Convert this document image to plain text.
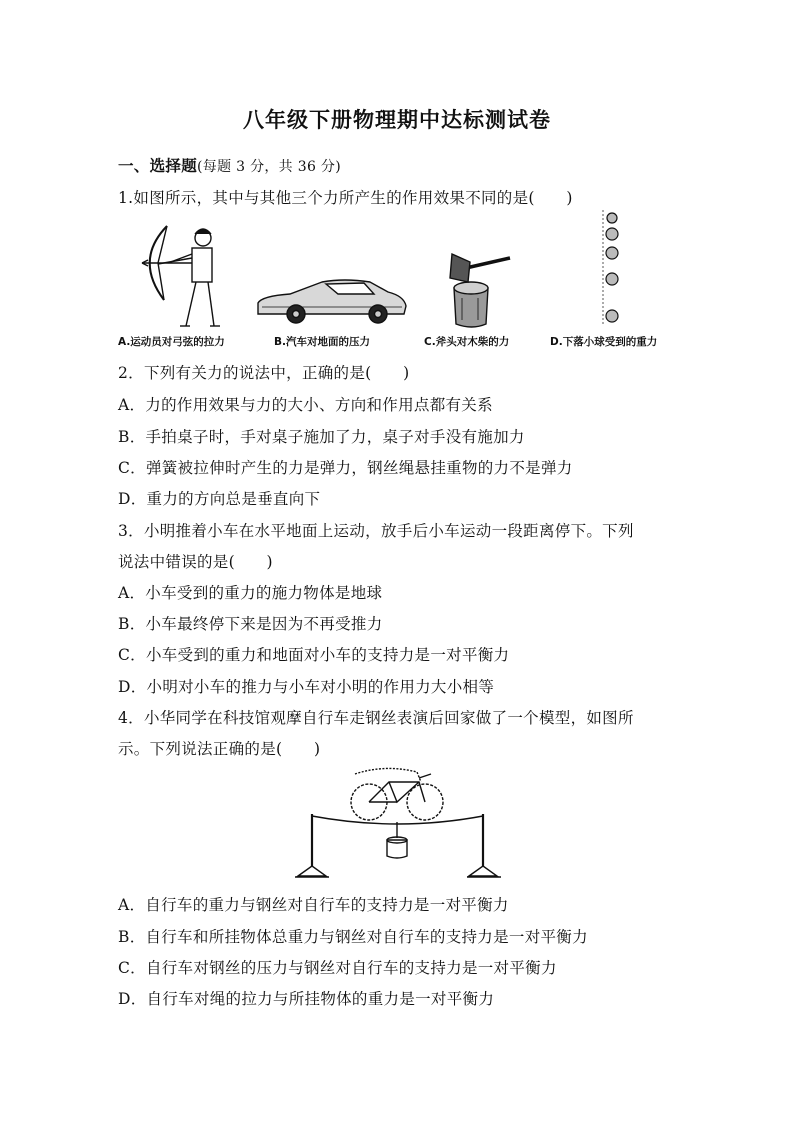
八年级下册物理期中达标测试卷
一、选择题(每题 3 分，共 36 分)
1.如图所示，其中与其他三个力所产生的作用效果不同的是(　　)
A.运动员对弓弦的拉力	B.汽车对地面的压力	C.斧头对木柴的力	D.下落小球受到的重力
2．下列有关力的说法中，正确的是(　　)
A．力的作用效果与力的大小、方向和作用点都有关系
B．手拍桌子时，手对桌子施加了力，桌子对手没有施加力
C．弹簧被拉伸时产生的力是弹力，钢丝绳悬挂重物的力不是弹力
D．重力的方向总是垂直向下
3．小明推着小车在水平地面上运动，放手后小车运动一段距离停下。下列
说法中错误的是(　　)
A．小车受到的重力的施力物体是地球
B．小车最终停下来是因为不再受推力
C．小车受到的重力和地面对小车的支持力是一对平衡力
D．小明对小车的推力与小车对小明的作用力大小相等
4．小华同学在科技馆观摩自行车走钢丝表演后回家做了一个模型，如图所
示。下列说法正确的是(　　)
A．自行车的重力与钢丝对自行车的支持力是一对平衡力
B．自行车和所挂物体总重力与钢丝对自行车的支持力是一对平衡力
C．自行车对钢丝的压力与钢丝对自行车的支持力是一对平衡力
D．自行车对绳的拉力与所挂物体的重力是一对平衡力
